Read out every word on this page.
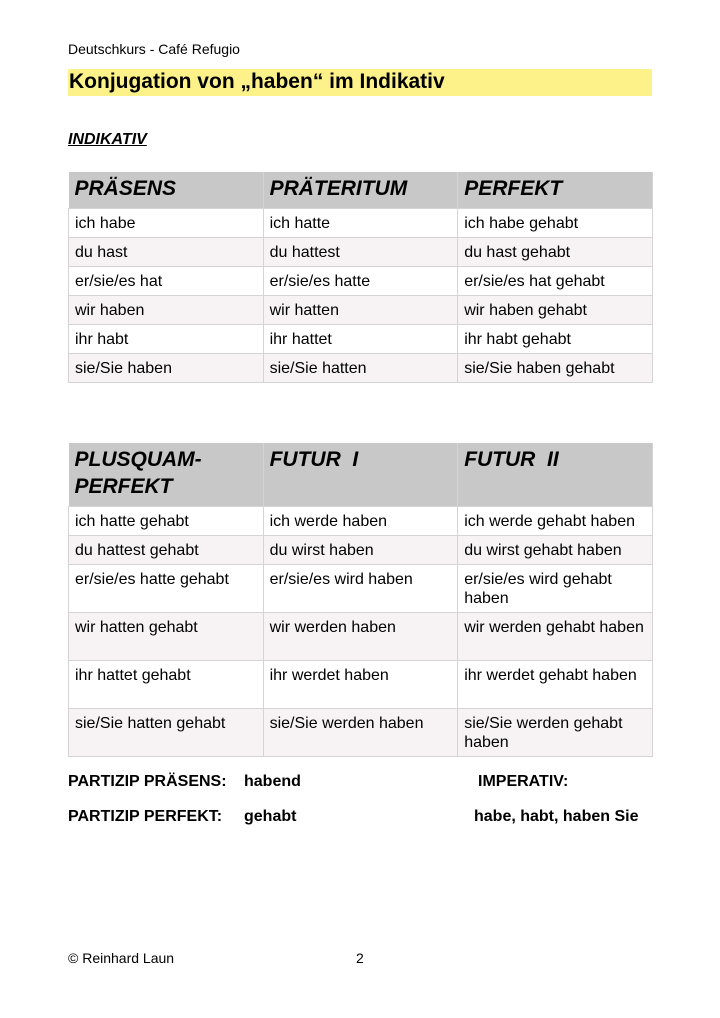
Deutschkurs - Café Refugio
Konjugation von „haben“ im Indikativ
INDIKATIV
PRÄSENS	PRÄTERITUM	PERFEKT
ich habe	ich hatte	ich habe gehabt
du hast	du hattest	du hast gehabt
er/sie/es hat	er/sie/es hatte	er/sie/es hat gehabt
wir haben	wir hatten	wir haben gehabt
ihr habt	ihr hattet	ihr habt gehabt
sie/Sie haben	sie/Sie hatten	sie/Sie haben gehabt
PLUSQUAM-
PERFEKT	FUTUR  I	FUTUR  II
ich hatte gehabt	ich werde haben	ich werde gehabt haben
du hattest gehabt	du wirst haben	du wirst gehabt haben
er/sie/es hatte gehabt	er/sie/es wird haben	er/sie/es wird gehabt haben
wir hatten gehabt	wir werden haben	wir werden gehabt haben
ihr hattet gehabt	ihr werdet haben	ihr werdet gehabt haben
sie/Sie hatten gehabt	sie/Sie werden haben	sie/Sie werden gehabt haben
PARTIZIP PRÄSENS: habend	IMPERATIV:
PARTIZIP PERFEKT: gehabt	habe, habt, haben Sie
© Reinhard Laun	2
